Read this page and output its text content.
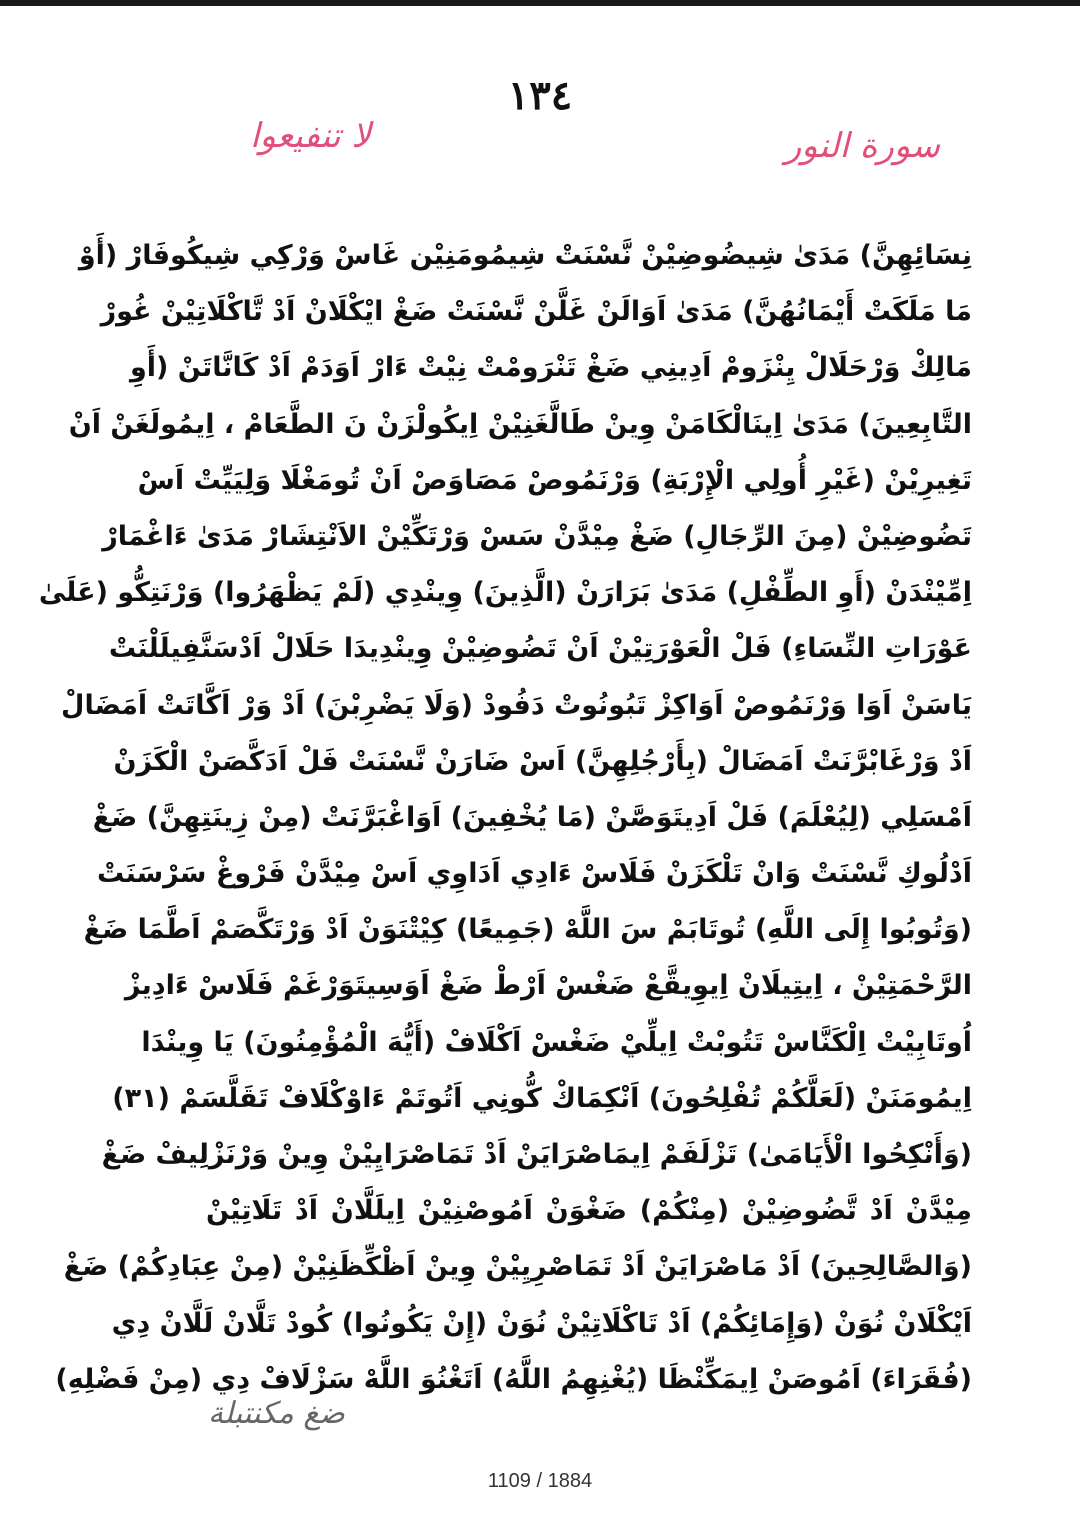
١٣٤
سورة النور
لا تنفيعوا
نِسَائِهِنَّ) مَدَىٰ شِيضُوضِيْنْ نَّسْنَتْ شِيمُومَنِيْن غَاسْ وَرْكِي شِيكُوفَارْ (أَوْ
مَا مَلَكَتْ أَيْمَانُهُنَّ) مَدَىٰ اَوَالَنْ غَلَّنْ نَّسْنَتْ ضَغْ ايْكْلَانْ اَدْ تَّاكْلَاتِيْنْ غُورْ
مَالِكْ وَرْحَلَالْ يِنْزَومْ اَدِينِي ضَغْ تَنْرَومْتْ نِيْتْ ءَارْ اَوَدَمْ اَدْ كَانَّاتَنْ (أَوِ
التَّابِعِينَ) مَدَىٰ اِينَالْكَامَنْ وِينْ طَالَّغَنِيْنْ اِيكُولْزَنْ نَ الطَّعَامْ ، اِيمُولَغَنْ اَنْ
تَغِيرِيْنْ (غَيْرِ أُولِي الْإِرْبَةِ) وَرْنَمُوصْ مَصَاوَصْ اَنْ تُومَغْلَا وَلِيَيِّتْ اَسْ
تَضُوضِيْنْ (مِنَ الرِّجَالِ) ضَغْ مِيْدَّنْ سَسْ وَرْتَكِّيْنْ الاَنْتِشَارْ مَدَىٰ ءَاغْمَارْ
اِمِّيْنْدَنْ (أَوِ الطِّفْلِ) مَدَىٰ بَرَارَنْ (الَّذِينَ) وِينْدِي (لَمْ يَظْهَرُوا) وَرْنَتِكُّو (عَلَىٰ
عَوْرَاتِ النِّسَاءِ) فَلْ الْعَوْرَتِيْنْ اَنْ تَضُوضِيْنْ وِينْدِيدَا حَلَالْ اَدْسَنَّفِيلَلْنَتْ
يَاسَنْ اَوَا وَرْنَمُوصْ اَوَاكِزْ تَبُونُوتْ دَفُودْ (وَلَا يَضْرِبْنَ) اَدْ وَرْ اَكَّاتَتْ اَمَضَالْ
اَدْ وَرْغَابْرَّنَتْ اَمَضَالْ (بِأَرْجُلِهِنَّ) اَسْ ضَارَنْ نَّسْنَتْ فَلْ اَدَكَّصَنْ الْكَزَنْ
اَمْسَلِي (لِيُعْلَمَ) فَلْ اَدِيتَوَصَّنْ (مَا يُخْفِينَ) اَوَاغْبَرَّنَتْ (مِنْ زِينَتِهِنَّ) ضَغْ
اَدْلُوكِ نَّسْنَتْ وَانْ تَلْكَزَنْ فَلَاسْ ءَادِي اَدَاوِي اَسْ مِيْدَّنْ فَرْوغْ سَرْسَنَتْ
(وَتُوبُوا إِلَى اللَّهِ) تُوتَابَمْ سَ اللَّهْ (جَمِيعًا) كِيْتْنَوَنْ اَدْ وَرْتَكَّصَمْ اَطَّمَا ضَغْ
الرَّحْمَتِيْنْ ، اِيتِيلَانْ اِيوِيقَّعْ ضَغْسْ اَرْطْ ضَغْ اَوَسِيتَوَرْغَمْ فَلَاسْ ءَادِيزْ
اُوتَابِيْتْ اِلْكَنَّاسْ تَتُوبْتْ اِيلِّيْ ضَغْسْ اَكْلَافْ (أَيُّهَ الْمُؤْمِنُونَ) يَا وِينْدَا
اِيمُومَنَنْ (لَعَلَّكُمْ تُفْلِحُونَ) اَنْكِمَاكْ كُّونِي اَتُوتَمْ ءَاوْكْلَافْ تَقَلَّسَمْ (٣١)
(وَأَنْكِحُوا الْأَيَامَىٰ) تَزْلَفَمْ اِيمَاصْرَايَنْ اَدْ تَمَاصْرَايِيْنْ وِينْ وَرْنَزْلِيفْ ضَغْ
مِيْدَّنْ اَدْ تَّضُوضِيْنْ (مِنْكُمْ) ضَغْوَنْ اَمُوصْنِيْنْ اِيلَلَّانْ اَدْ تَلَاتِيْنْ
(وَالصَّالِحِينَ) اَدْ مَاصْرَايَنْ اَدْ تَمَاصْرِيِيْنْ وِينْ اَظْكِّظَنِيْنْ (مِنْ عِبَادِكُمْ) ضَغْ
اَيْكْلَانْ نُوَنْ (وَإِمَائِكُمْ) اَدْ تَاكْلَاتِيْنْ نُوَنْ (إِنْ يَكُونُوا) كُودْ تَلَّانْ لَلَّانْ دِي
(فُقَرَاءَ) اَمُوصَنْ اِيمَكِّنْظَا (يُغْنِهِمُ اللَّهُ) اَتَغْنُوَ اللَّهْ سَزْلَافْ دِي (مِنْ فَضْلِهِ)
ضغ مكنتبلة
1109 / 1884
